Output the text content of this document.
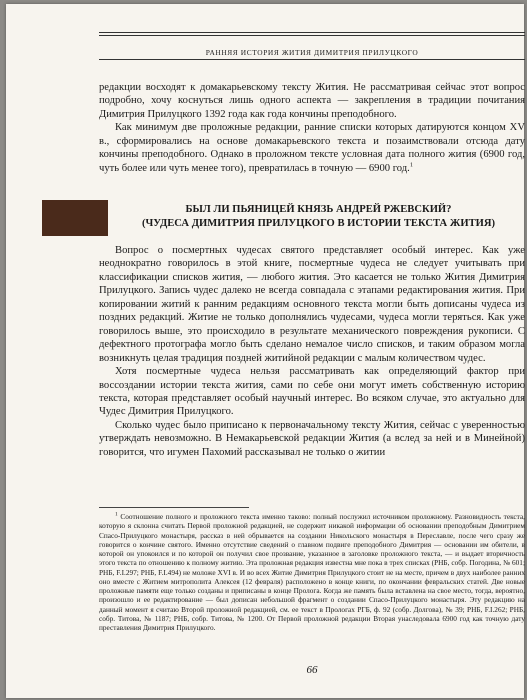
РАННЯЯ ИСТОРИЯ ЖИТИЯ ДИМИТРИЯ ПРИЛУЦКОГО

редакции восходят к домакарьевскому тексту Жития. Не рассматривая сейчас этот вопрос подробно, хочу коснуться лишь одного аспекта — закрепления в традиции почитания Димитрия Прилуцкого 1392 года как года кончины преподобного.

Как минимум две проложные редакции, ранние списки которых датируются концом XV в., сформировались на основе домакарьевского текста и позаимствовали отсюда дату кончины преподобного. Однако в проложном тексте условная дата полного жития (6900 год, чуть более или чуть менее того), превратилась в точную — 6900 год.$^1$

БЫЛ ЛИ ПЬЯНИЦЕЙ КНЯЗЬ АНДРЕЙ РЖЕВСКИЙ?
(ЧУДЕСА ДИМИТРИЯ ПРИЛУЦКОГО В ИСТОРИИ ТЕКСТА ЖИТИЯ)

Вопрос о посмертных чудесах святого представляет особый интерес. Как уже неоднократно говорилось в этой книге, посмертные чудеса не следует учитывать при классификации списков жития, — любого жития. Это касается не только Жития Димитрия Прилуцкого. Запись чудес далеко не всегда совпадала с этапами редактирования жития. При копировании житий к ранним редакциям основного текста могли быть дописаны чудеса из поздних редакций. Житие не только дополнялись чудесами, чудеса могли теряться. Как уже говорилось выше, это происходило в результате механического повреждения рукописи. С дефектного протографа могло быть сделано немалое число списков, и таким образом могла возникнуть целая традиция поздней житийной редакции с малым количеством чудес.

Хотя посмертные чудеса нельзя рассматривать как определяющий фактор при воссоздании истории текста жития, сами по себе они могут иметь собственную историю текста, которая представляет особый научный интерес. Во всяком случае, это актуально для Чудес Димитрия Прилуцкого.

Сколько чудес было приписано к первоначальному тексту Жития, сейчас с уверенностью утверждать невозможно. В Немакарьевской редакции Жития (а вслед за ней и в Минейной) говорится, что игумен Пахомий рассказывал не только о житии

$^1$ Соотношение полного и проложного текста именно таково: полный послужил источником проложному. Разновидность текста, которую я склонна считать Первой проложной редакцией, не содержит никакой информации об основании преподобным Димитрием Спасо-Прилуцкого монастыря, рассказ в ней обрывается на создании Никольского монастыря в Переславле, после чего сразу же говорится о кончине святого. Именно отсутствие сведений о главном подвиге преподобного Димитрия — основании им обители, в которой он упокоился и по которой он получил свое прозвание, указанное в заголовке проложного текста, — и выдает вторичность этого текста по отношению к полному житию. Эта проложная редакция известна мне пока в трех списках (РНБ, собр. Погодина, № 601; РНБ, F.I.297; РНБ, F.I.494) не моложе XVI в. И во всех Житие Димитрия Прилуцкого стоит не на месте, причем в двух наиболее ранних оно вместе с Житием митрополита Алексея (12 февраля) расположено в конце книги, по окончании февральских статей. Две новые проложные памяти еще только созданы и приписаны в конце Пролога. Когда же память была вставлена на свое место, тогда, вероятно, произошло и ее редактирование — был дописан небольшой фрагмент о создании Спасо-Прилуцкого монастыря. Эту редакцию на данный момент я считаю Второй проложной редакцией, см. ее текст в Прологах РГБ, ф. 92 (собр. Долгова), № 39; РНБ, F.I.262; РНБ, собр. Титова, № 1187; РНБ, собр. Титова, № 1200. От Первой проложной редакции Вторая унаследовала 6900 год как точную дату преставления Димитрия Прилуцкого.

66
